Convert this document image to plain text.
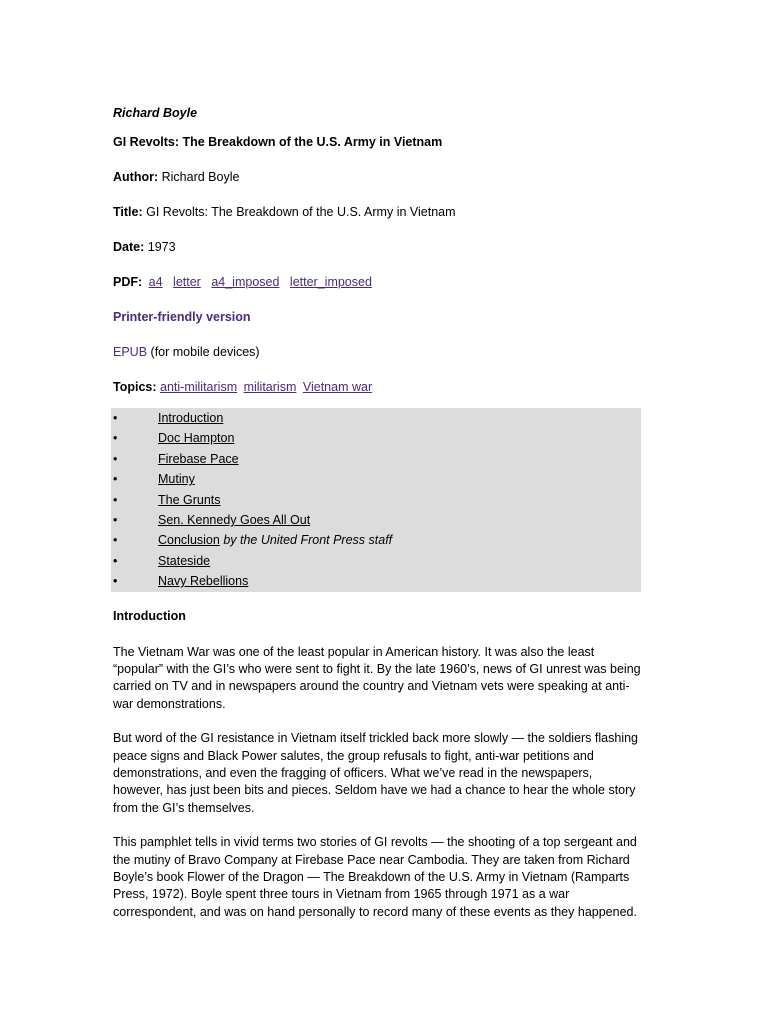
Richard Boyle

GI Revolts: The Breakdown of the U.S. Army in Vietnam

Author: Richard Boyle

Title: GI Revolts: The Breakdown of the U.S. Army in Vietnam

Date: 1973

PDF: a4 letter a4_imposed letter_imposed

Printer-friendly version

EPUB (for mobile devices)

Topics: anti-militarism militarism Vietnam war

•	Introduction
•	Doc Hampton
•	Firebase Pace
•	Mutiny
•	The Grunts
•	Sen. Kennedy Goes All Out
•	Conclusion by the United Front Press staff
•	Stateside
•	Navy Rebellions

Introduction

The Vietnam War was one of the least popular in American history. It was also the least
“popular” with the GI’s who were sent to fight it. By the late 1960’s, news of GI unrest was being
carried on TV and in newspapers around the country and Vietnam vets were speaking at anti-
war demonstrations.
But word of the GI resistance in Vietnam itself trickled back more slowly — the soldiers flashing
peace signs and Black Power salutes, the group refusals to fight, anti-war petitions and
demonstrations, and even the fragging of officers. What we’ve read in the newspapers,
however, has just been bits and pieces. Seldom have we had a chance to hear the whole story
from the GI’s themselves.
This pamphlet tells in vivid terms two stories of GI revolts — the shooting of a top sergeant and
the mutiny of Bravo Company at Firebase Pace near Cambodia. They are taken from Richard
Boyle’s book Flower of the Dragon — The Breakdown of the U.S. Army in Vietnam (Ramparts
Press, 1972). Boyle spent three tours in Vietnam from 1965 through 1971 as a war
correspondent, and was on hand personally to record many of these events as they happened.
